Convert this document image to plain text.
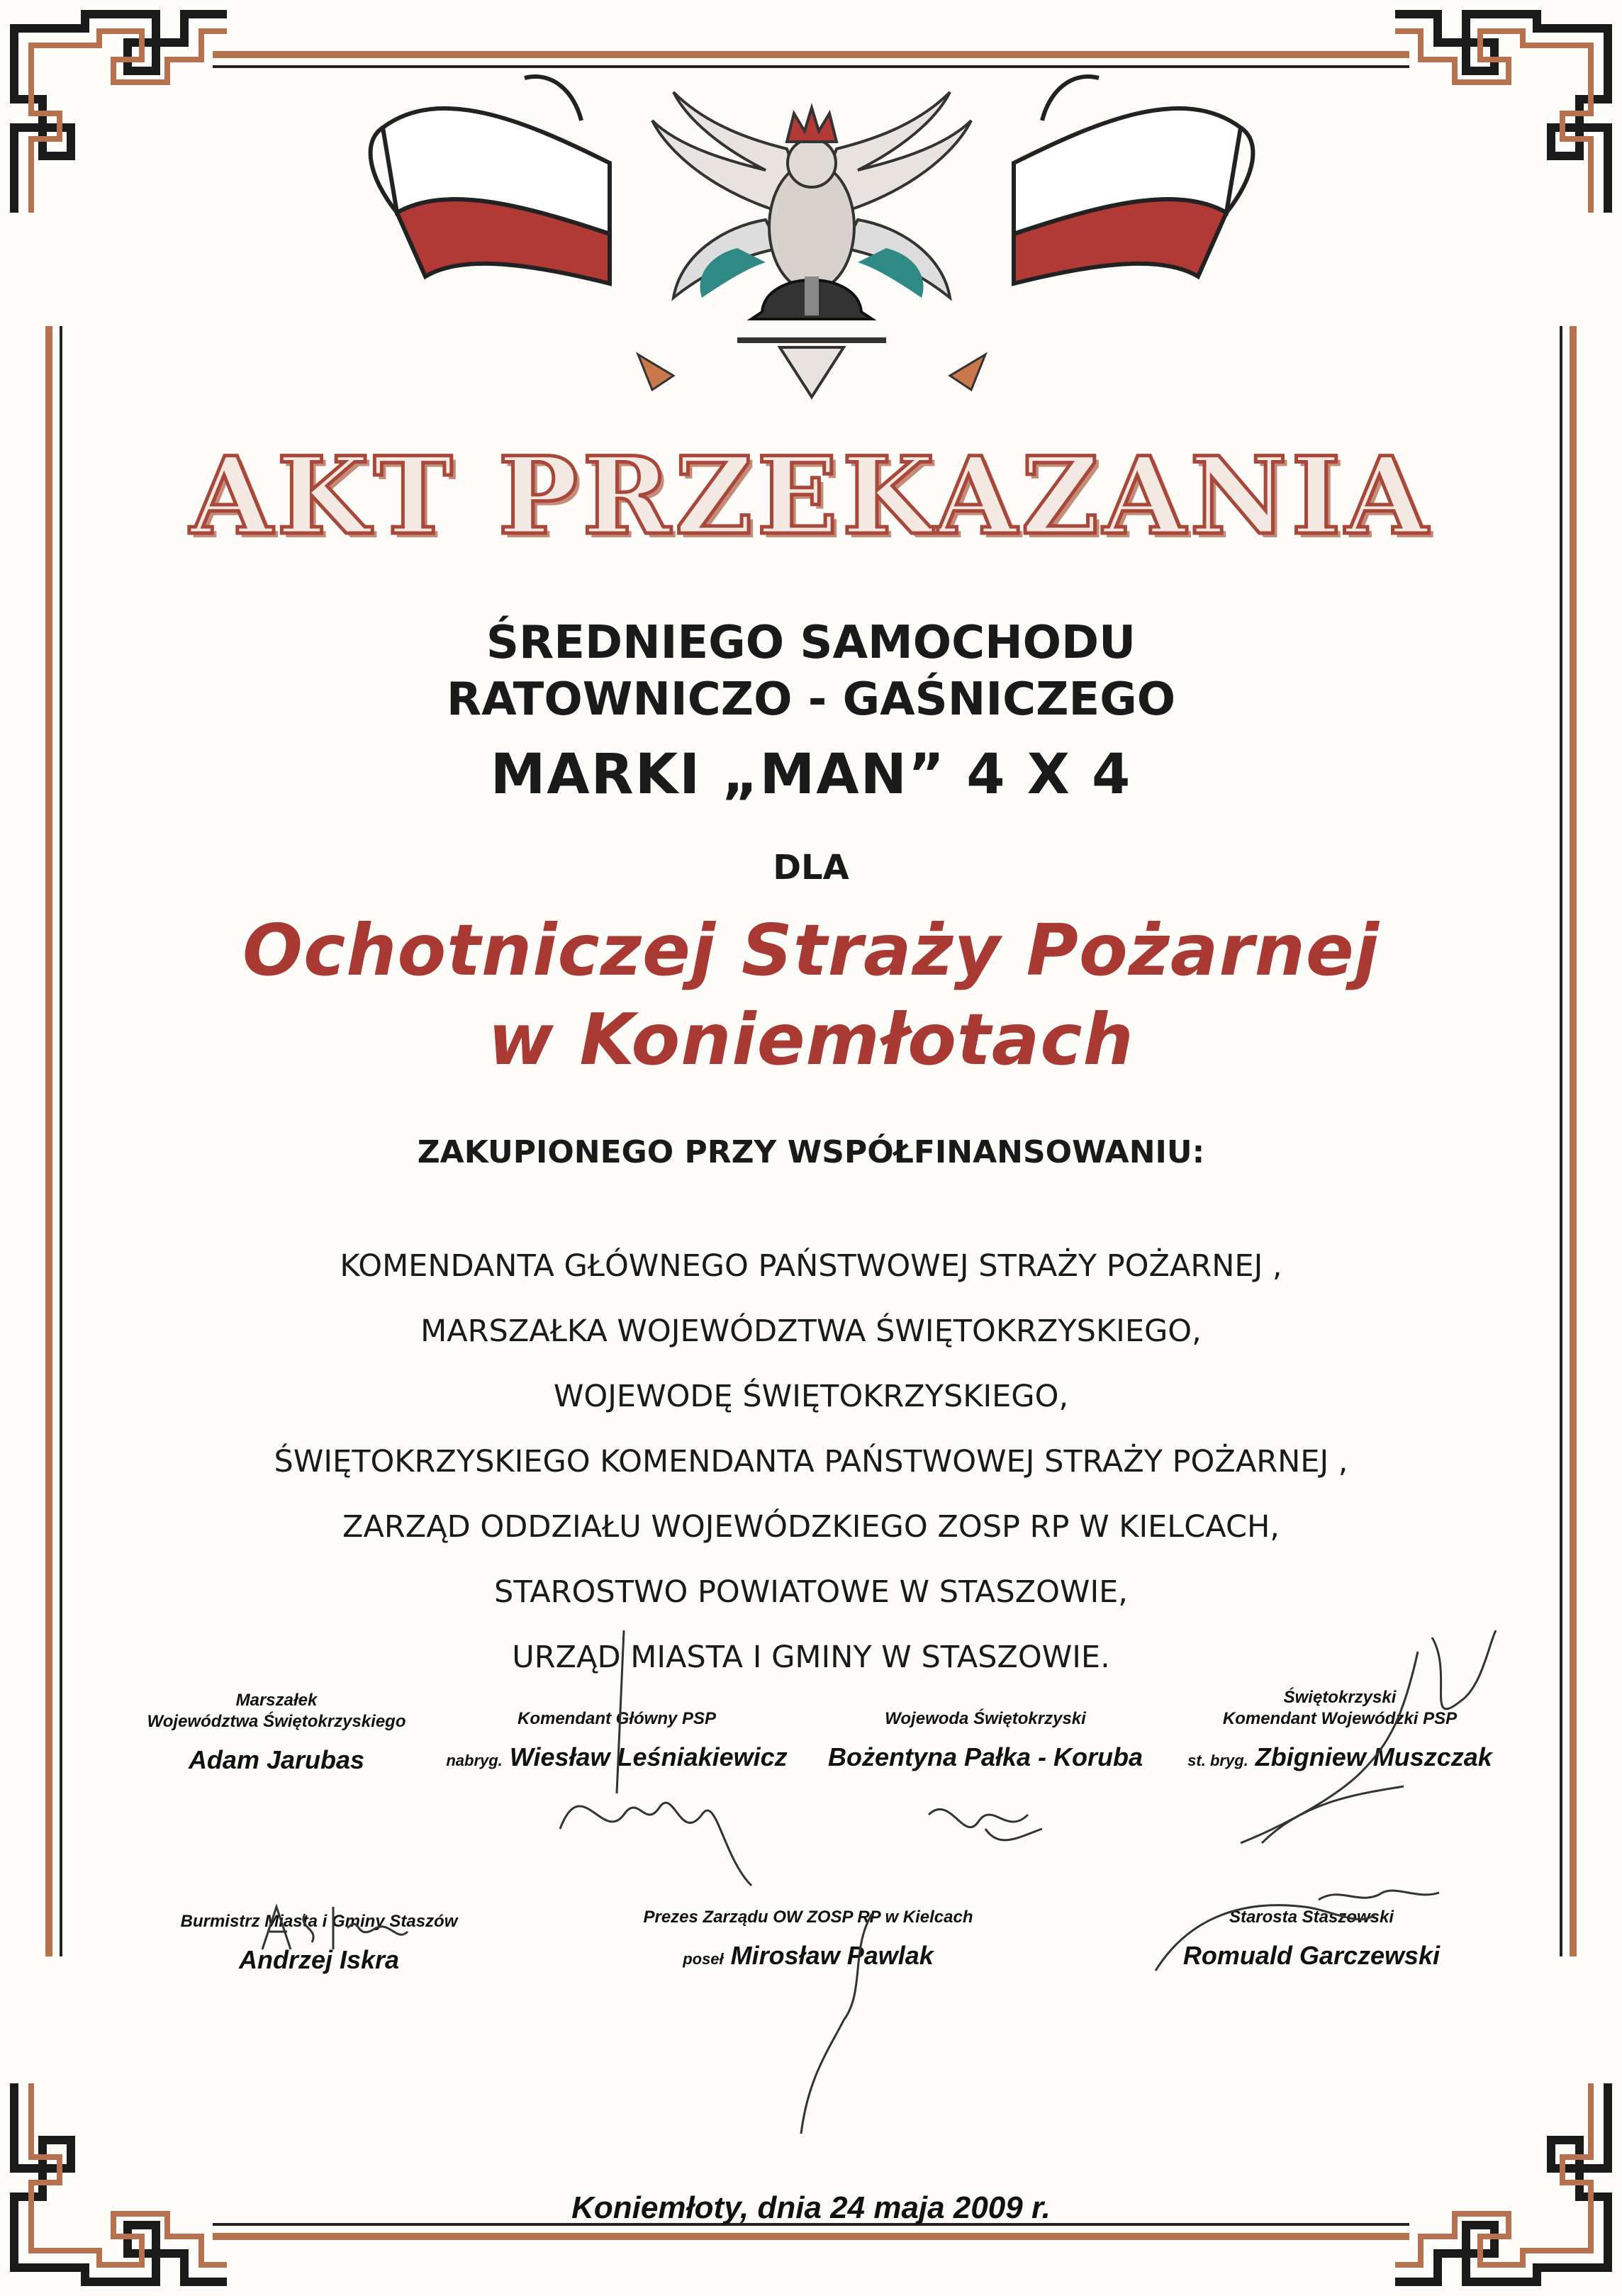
AKT PRZEKAZANIA
ŚREDNIEGO SAMOCHODU
RATOWNICZO - GAŚNICZEGO
MARKI „MAN” 4 X 4
DLA
Ochotniczej Straży Pożarnej
w Koniemłotach
ZAKUPIONEGO PRZY WSPÓŁFINANSOWANIU:
KOMENDANTA GŁÓWNEGO PAŃSTWOWEJ STRAŻY POŻARNEJ ,
MARSZAŁKA WOJEWÓDZTWA ŚWIĘTOKRZYSKIEGO,
WOJEWODĘ ŚWIĘTOKRZYSKIEGO,
ŚWIĘTOKRZYSKIEGO KOMENDANTA PAŃSTWOWEJ STRAŻY POŻARNEJ ,
ZARZĄD ODDZIAŁU WOJEWÓDZKIEGO ZOSP RP W KIELCACH,
STAROSTWO POWIATOWE W STASZOWIE,
URZĄD MIASTA I GMINY W STASZOWIE.
Marszałek
Województwa Świętokrzyskiego
Adam Jarubas
Komendant Główny PSP
nabryg. Wiesław Leśniakiewicz
Wojewoda Świętokrzyski
Bożentyna Pałka - Koruba
Świętokrzyski
Komendant Wojewódzki PSP
st. bryg. Zbigniew Muszczak
Burmistrz Miasta i Gminy Staszów
Andrzej Iskra
Prezes Zarządu OW ZOSP RP w Kielcach
poseł Mirosław Pawlak
Starosta Staszowski
Romuald Garczewski
Koniemłoty, dnia 24 maja 2009 r.
